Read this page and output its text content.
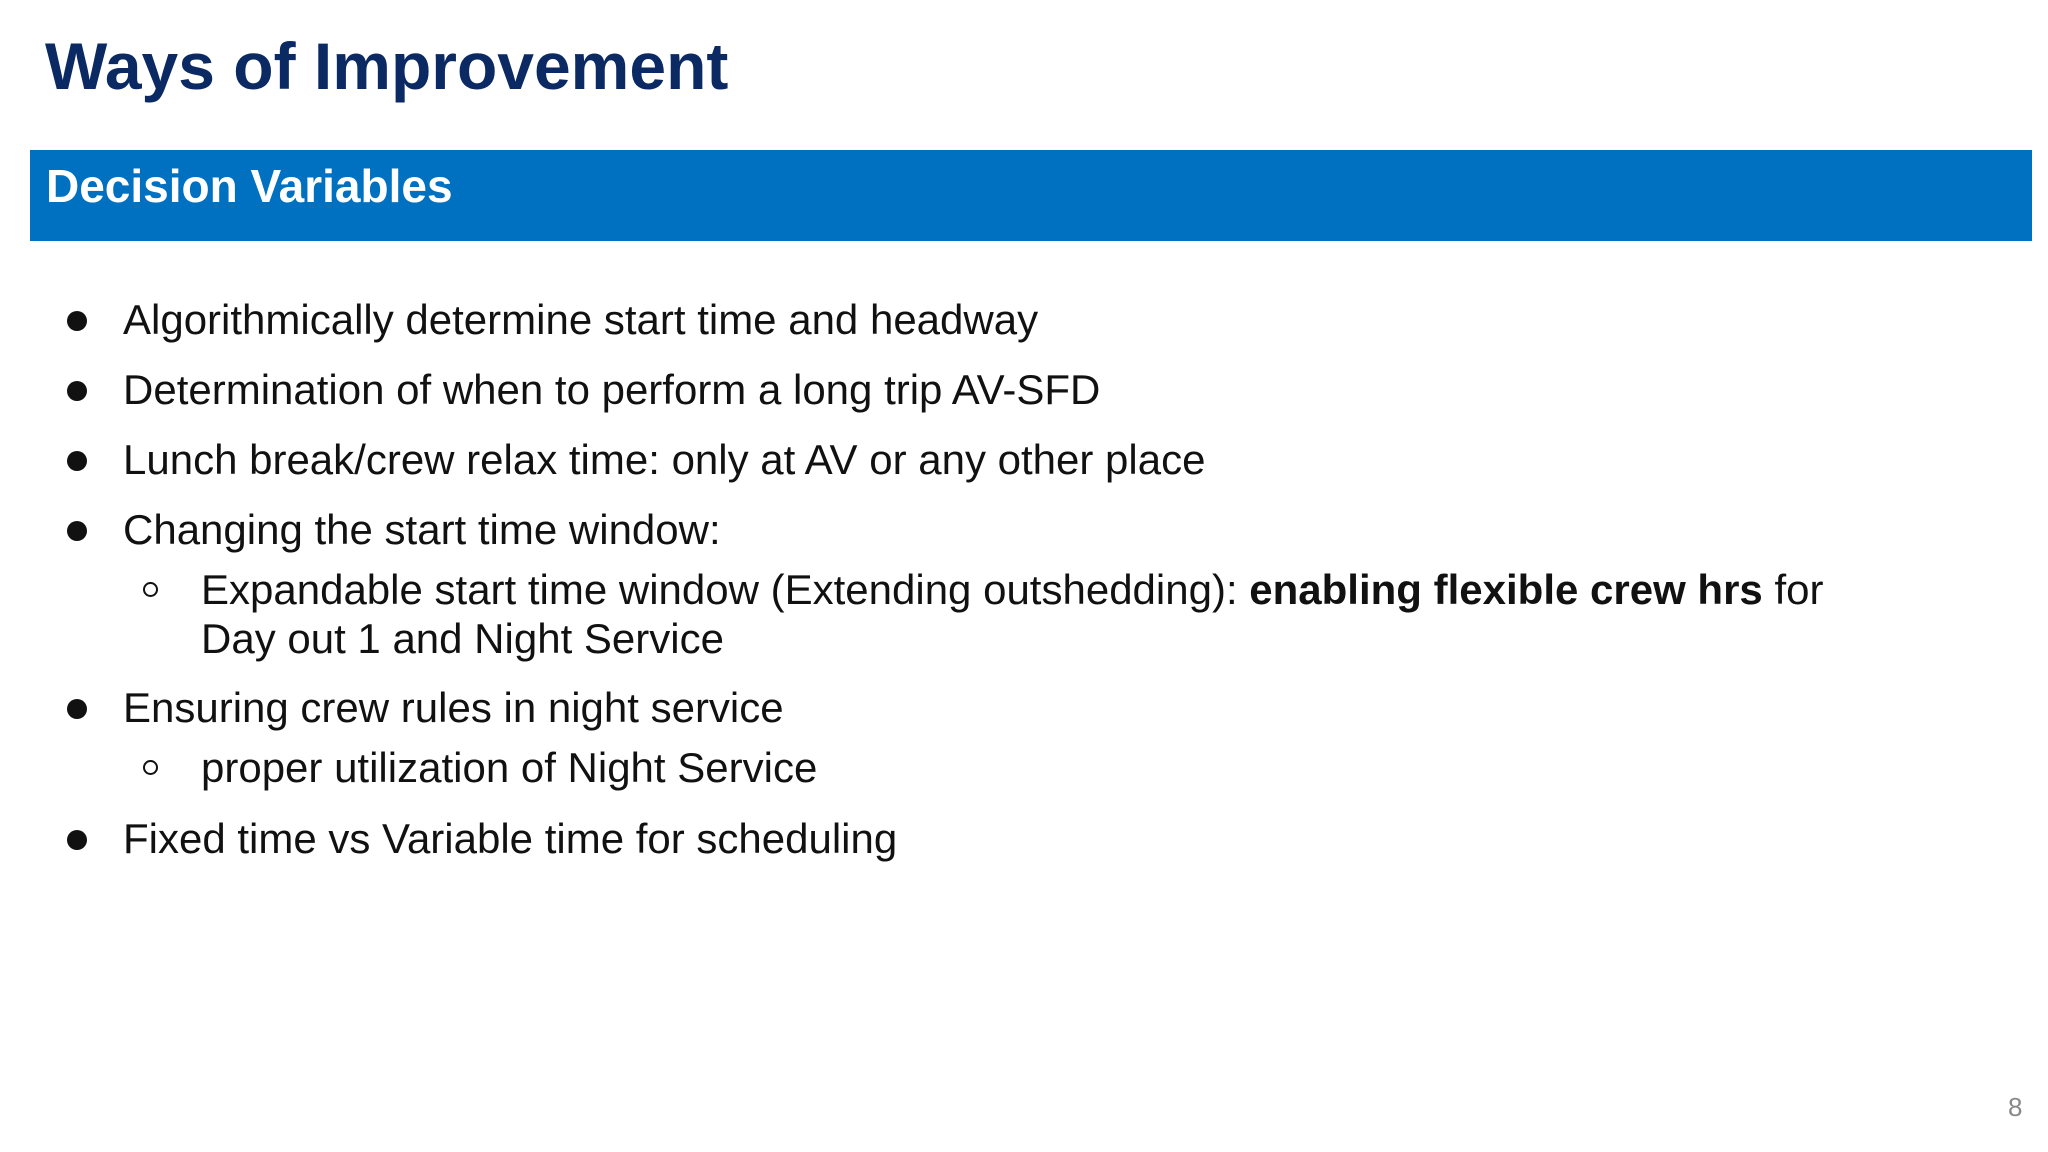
Ways of Improvement
Decision Variables
Algorithmically determine start time and headway
Determination of when to perform a long trip AV-SFD
Lunch break/crew relax time: only at AV or any other place
Changing the start time window:
Expandable start time window (Extending outshedding): enabling flexible crew hrs for
Day out 1 and Night Service
Ensuring crew rules in night service
proper utilization of Night Service
Fixed time vs Variable time for scheduling
8
